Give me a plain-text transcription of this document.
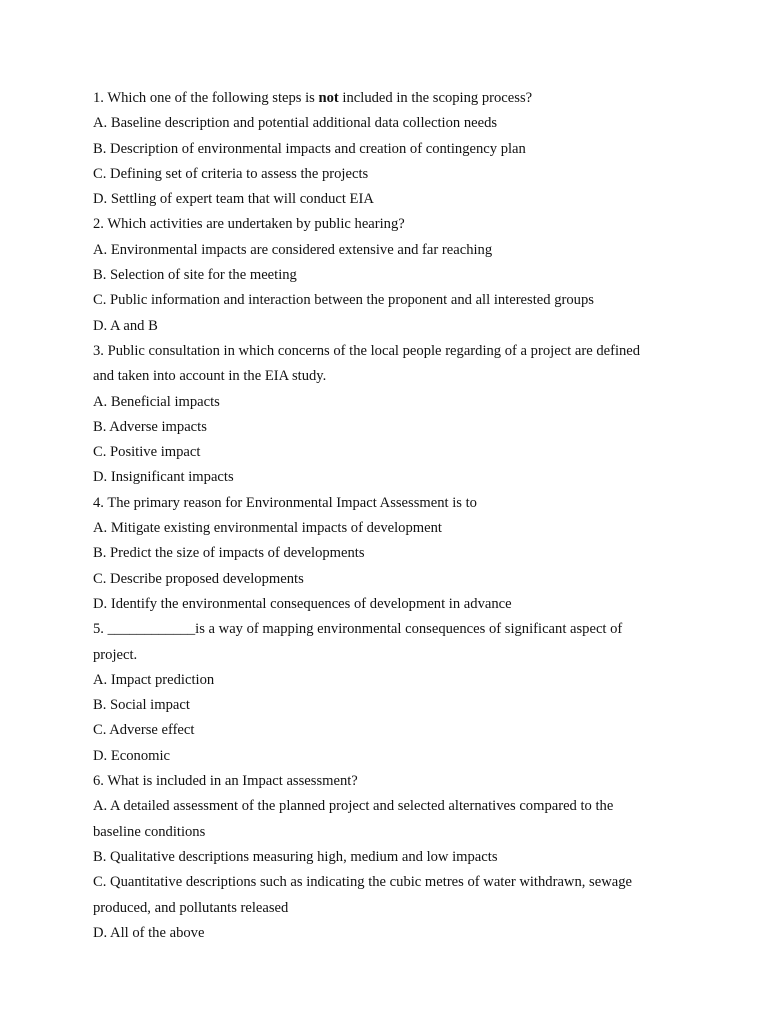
1. Which one of the following steps is not included in the scoping process?
A. Baseline description and potential additional data collection needs
B. Description of environmental impacts and creation of contingency plan
C. Defining set of criteria to assess the projects
D. Settling of expert team that will conduct EIA
2. Which activities are undertaken by public hearing?
A. Environmental impacts are considered extensive and far reaching
B. Selection of site for the meeting
C. Public information and interaction between the proponent and all interested groups
D. A and B
3. Public consultation in which concerns of the local people regarding of a project are defined
and taken into account in the EIA study.
A. Beneficial impacts
B. Adverse impacts
C. Positive impact
D. Insignificant impacts
4. The primary reason for Environmental Impact Assessment is to
A. Mitigate existing environmental impacts of development
B. Predict the size of impacts of developments
C. Describe proposed developments
D. Identify the environmental consequences of development in advance
5. ____________is a way of mapping environmental consequences of significant aspect of
project.
A. Impact prediction
B. Social impact
C. Adverse effect
D. Economic
6. What is included in an Impact assessment?
A. A detailed assessment of the planned project and selected alternatives compared to the
baseline conditions
B. Qualitative descriptions measuring high, medium and low impacts
C. Quantitative descriptions such as indicating the cubic metres of water withdrawn, sewage
produced, and pollutants released
D. All of the above
